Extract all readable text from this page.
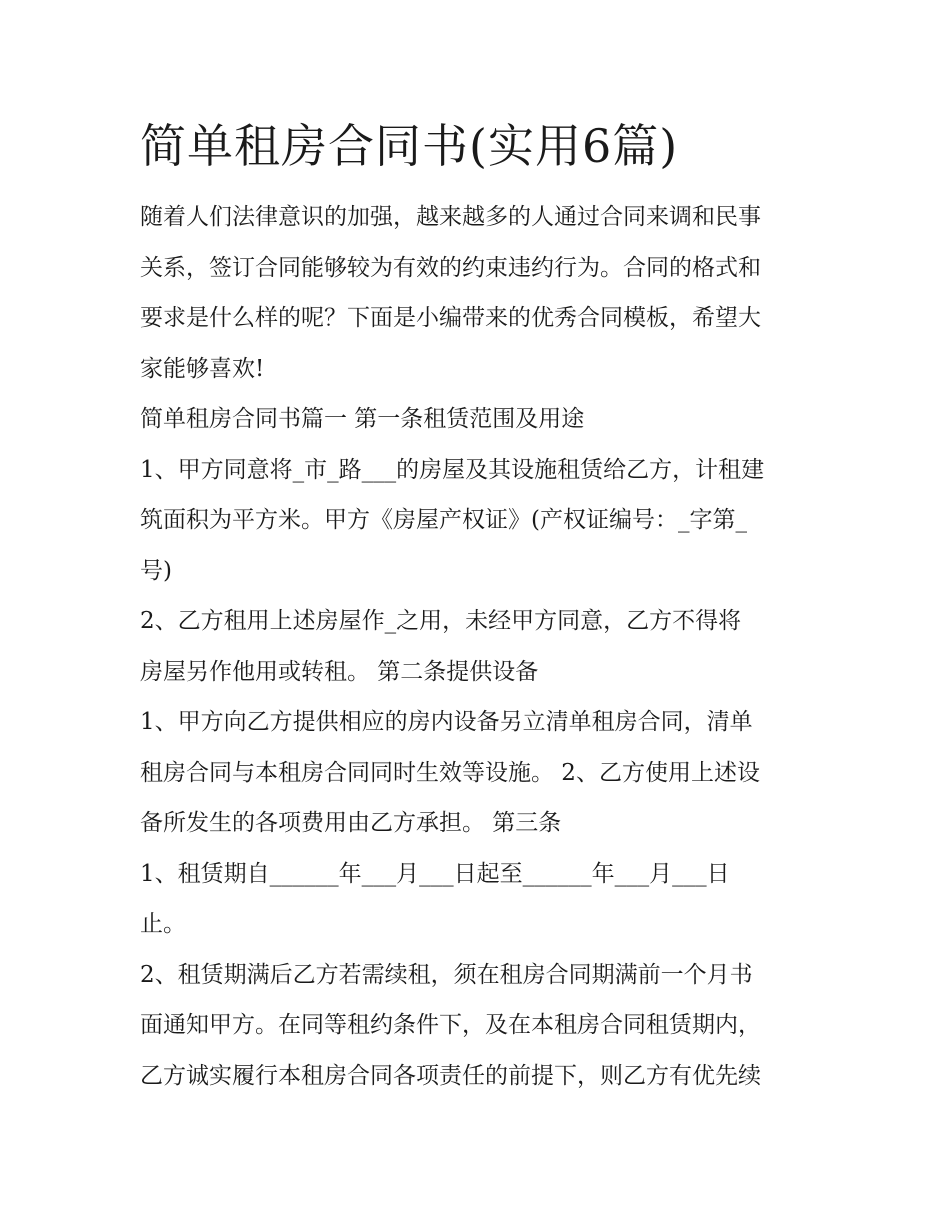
简单租房合同书(实用6篇)

随着人们法律意识的加强，越来越多的人通过合同来调和民事

关系，签订合同能够较为有效的约束违约行为。合同的格式和

要求是什么样的呢？下面是小编带来的优秀合同模板，希望大

家能够喜欢!

简单租房合同书篇一 第一条租赁范围及用途

1、甲方同意将_市_路___的房屋及其设施租赁给乙方，计租建

筑面积为平方米。甲方《房屋产权证》(产权证编号：_字第_

号)

2、乙方租用上述房屋作_之用，未经甲方同意，乙方不得将

房屋另作他用或转租。 第二条提供设备

1、甲方向乙方提供相应的房内设备另立清单租房合同，清单

租房合同与本租房合同同时生效等设施。 2、乙方使用上述设

备所发生的各项费用由乙方承担。 第三条

1、租赁期自______年___月___日起至______年___月___日

止。

2、租赁期满后乙方若需续租，须在租房合同期满前一个月书

面通知甲方。在同等租约条件下，及在本租房合同租赁期内，

乙方诚实履行本租房合同各项责任的前提下，则乙方有优先续
